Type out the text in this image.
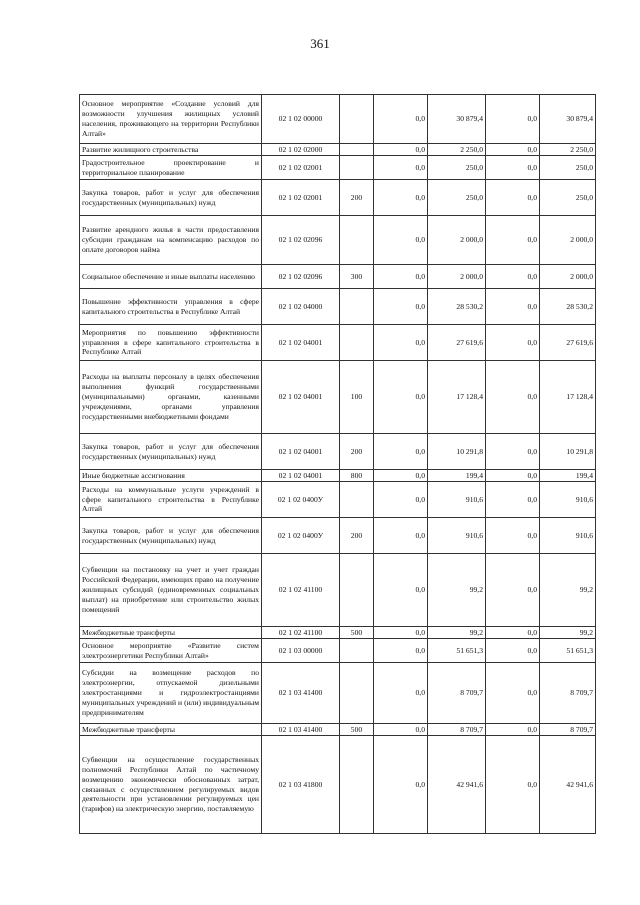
361
Основное мероприятие «Создание условий для возможности улучшения жилищных условий населения, проживающего на территории Республики Алтай»	02 1 02 00000		0,0	30 879,4	0,0	30 879,4
Развитие жилищного строительства	02 1 02 02000		0,0	2 250,0	0,0	2 250,0
Градостроительное проектирование и территориальное планирование	02 1 02 02001		0,0	250,0	0,0	250,0
Закупка товаров, работ и услуг для обеспечения государственных (муниципальных) нужд	02 1 02 02001	200	0,0	250,0	0,0	250,0
Развитие арендного жилья в части предоставления субсидии гражданам на компенсацию расходов по оплате договоров найма	02 1 02 02096		0,0	2 000,0	0,0	2 000,0
Социальное обеспечение и иные выплаты населению	02 1 02 02096	300	0,0	2 000,0	0,0	2 000,0
Повышение эффективности управления в сфере капитального строительства в Республике Алтай	02 1 02 04000		0,0	28 530,2	0,0	28 530,2
Мероприятия по повышению эффективности управления в сфере капитального строительства в Республике Алтай	02 1 02 04001		0,0	27 619,6	0,0	27 619,6
Расходы на выплаты персоналу в целях обеспечения выполнения функций государственными (муниципальными) органами, казенными учреждениями, органами управления государственными внебюджетными фондами	02 1 02 04001	100	0,0	17 128,4	0,0	17 128,4
Закупка товаров, работ и услуг для обеспечения государственных (муниципальных) нужд	02 1 02 04001	200	0,0	10 291,8	0,0	10 291,8
Иные бюджетные ассигнования	02 1 02 04001	800	0,0	199,4	0,0	199,4
Расходы на коммунальные услуги учреждений в сфере капитального строительства в Республике Алтай	02 1 02 0400У		0,0	910,6	0,0	910,6
Закупка товаров, работ и услуг для обеспечения государственных (муниципальных) нужд	02 1 02 0400У	200	0,0	910,6	0,0	910,6
Субвенции на постановку на учет и учет граждан Российской Федерации, имеющих право на получение жилищных субсидий (единовременных социальных выплат) на приобретение или строительство жилых помещений	02 1 02 41100		0,0	99,2	0,0	99,2
Межбюджетные трансферты	02 1 02 41100	500	0,0	99,2	0,0	99,2
Основное мероприятие «Развитие систем электроэнергетики Республики Алтай»	02 1 03 00000		0,0	51 651,3	0,0	51 651,3
Субсидии на возмещение расходов по электроэнергии, отпускаемой дизельными электростанциями и гидроэлектростанциями муниципальных учреждений и (или) индивидуальным предпринимателям	02 1 03 41400		0,0	8 709,7	0,0	8 709,7
Межбюджетные трансферты	02 1 03 41400	500	0,0	8 709,7	0,0	8 709,7
Субвенции на осуществление государственных полномочий Республики Алтай по частичному возмещению экономически обоснованных затрат, связанных с осуществлением регулируемых видов деятельности при установлении регулируемых цен (тарифов) на электрическую энергию, поставляемую	02 1 03 41800		0,0	42 941,6	0,0	42 941,6
